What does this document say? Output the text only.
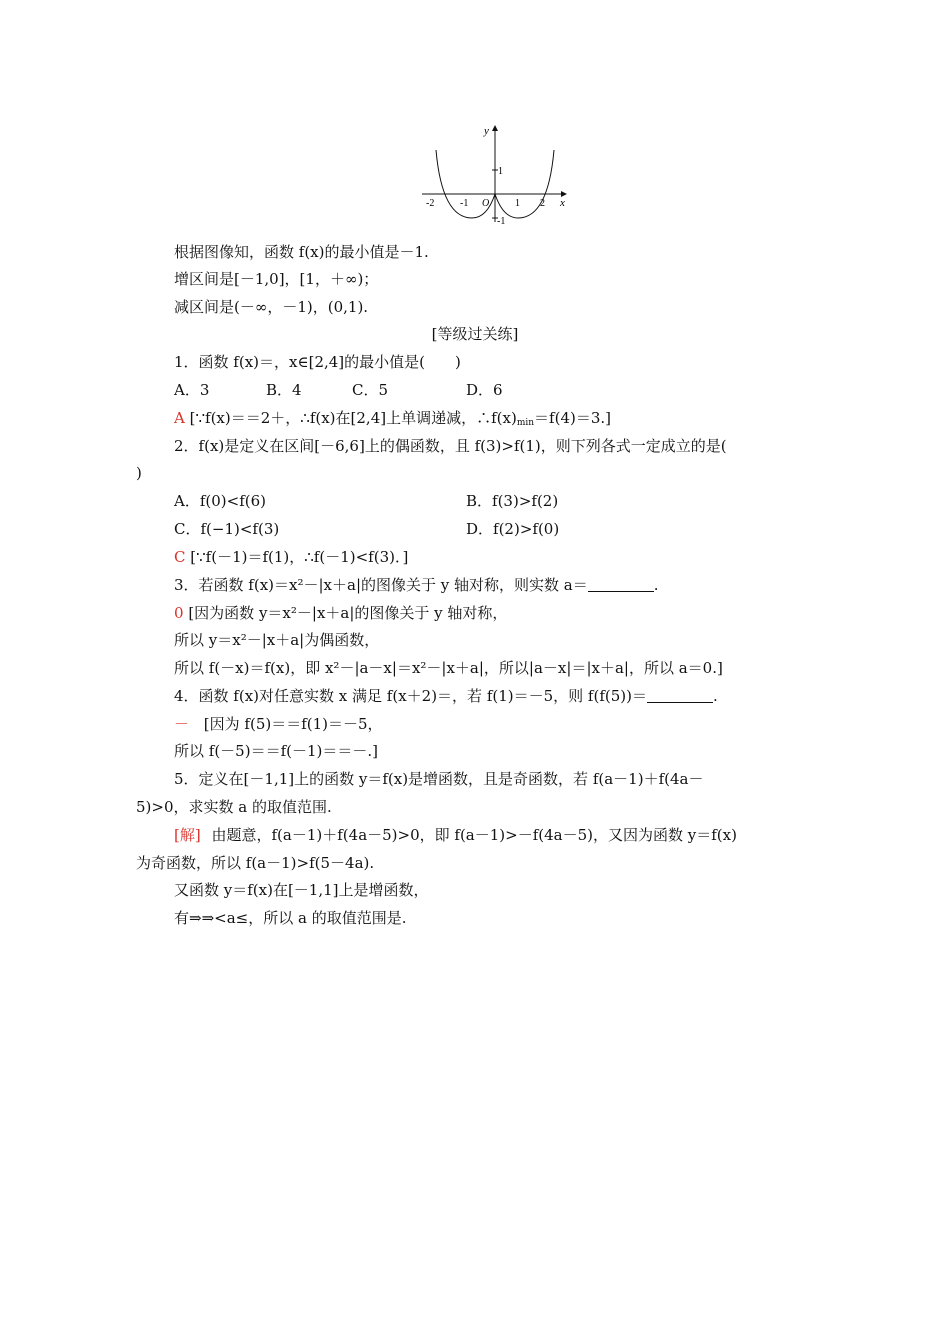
y
x
1
-1
-2	-1 O	1 2
根据图像知，函数 f(x)的最小值是－1.
增区间是[－1,0]，[1，＋∞)；
减区间是(－∞，－1)，(0,1).
[等级过关练]
1．函数 f(x)＝，x∈[2,4]的最小值是(　　)
A．3	B．4	C．5	D．6
A [∵f(x)＝＝2＋，∴f(x)在[2,4]上单调递减，$\therefore f(x)_{min}=f(4)=3$.]
2．f(x)是定义在区间[－6,6]上的偶函数，且 f(3)>f(1)，则下列各式一定成立的是(
)
A．f(0)<f(6)	B．f(3)>f(2)
C．f(−1)<f(3)	D．f(2)>f(0)
C [∵f(－1)＝f(1)，∴f(－1)<f(3)．]
3．若函数 f(x)＝x²－|x＋a|的图像关于 y 轴对称，则实数 a＝	.
0 [因为函数 y＝x²－|x＋a|的图像关于 y 轴对称，
所以 y＝x²－|x＋a|为偶函数，
所以 f(－x)＝f(x)，即 x²－|a－x|＝x²－|x＋a|，所以|a－x|＝|x＋a|，所以 a＝0.]
4．函数 f(x)对任意实数 x 满足 f(x＋2)＝，若 f(1)＝－5，则 f(f(5))＝	.
－ [因为 f(5)＝＝f(1)＝－5，
所以 f(－5)＝＝f(－1)＝＝－.]
5．定义在[－1,1]上的函数 y＝f(x)是增函数，且是奇函数，若 f(a－1)＋f(4a－
5)>0，求实数 a 的取值范围.
[解] 由题意，f(a－1)＋f(4a－5)>0，即 f(a－1)>－f(4a－5)，又因为函数 y＝f(x)
为奇函数，所以 f(a－1)>f(5－4a).
又函数 y＝f(x)在[－1,1]上是增函数，
有⇒⇒<a≤，所以 a 的取值范围是.
